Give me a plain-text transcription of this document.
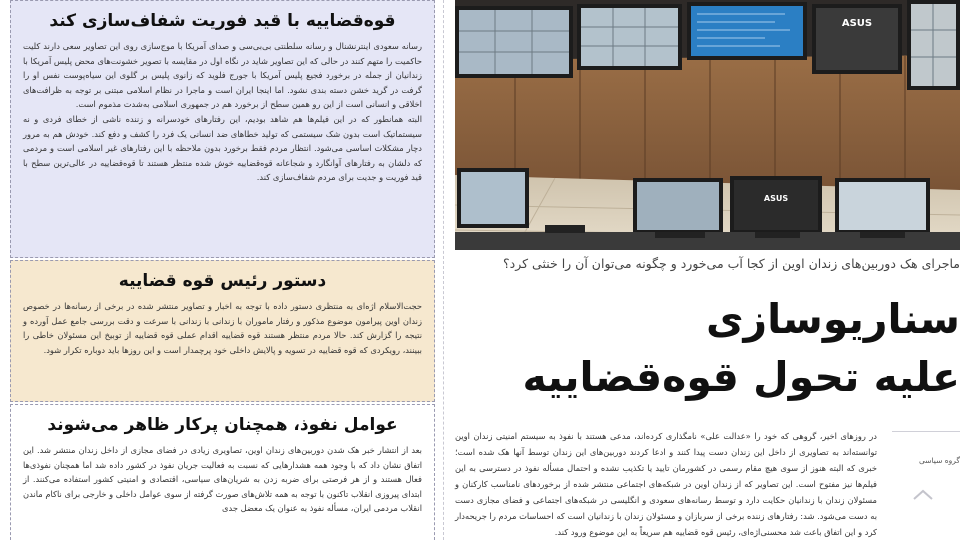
قوه‌قضاییه با قید فوریت شفاف‌سازی کند

رسانه سعودی اینترنشنال و رسانه سلطنتی بی‌بی‌سی و صدای آمریکا با موج‌سازی روی این تصاویر سعی دارند کلیت حاکمیت را متهم کنند در حالی که این تصاویر شاید در نگاه اول در مقایسه با تصویر خشونت‌های محض پلیس آمریکا با زندانیان از جمله در برخورد فجیع پلیس آمریکا با جورج فلوید که زانوی پلیس بر گلوی این سیاه‌پوست نفس او را گرفت در گرید خشن دسته بندی نشود. اما اینجا ایران است و ماجرا در نظام اسلامی مبتنی بر توجه به ظرافت‌های اخلاقی و انسانی است از این رو همین سطح از برخورد هم در جمهوری اسلامی به‌شدت مذموم است.

البته همانطور که در این فیلم‌ها هم شاهد بودیم، این رفتارهای خودسرانه و زننده ناشی از خطای فردی و نه سیستماتیک است بدون شک سیستمی که تولید خطاهای ضد انسانی یک فرد را کشف و دفع کند. خودش هم به مرور دچار مشکلات اساسی می‌شود. انتظار مردم فقط برخورد بدون ملاحظه با این رفتارهای غیر اسلامی است و مردمی که دلشان به رفتارهای آوانگارد و شجاعانه قوه‌قضاییه خوش شده منتظر هستند تا قوه‌قضاییه در عالی‌ترین سطح با قید فوریت و جدیت برای مردم شفاف‌سازی کند.

دستور رئیس قوه قضاییه

حجت‌الاسلام اژه‌ای به منتظری دستور داده با توجه به اخبار و تصاویر منتشر شده در برخی از رسانه‌ها در خصوص زندان اوین پیرامون موضوع مذکور و رفتار ماموران با زندانی با زندانی با سرعت و دقت بررسی جامع عمل آورده و نتیجه را گزارش کند. حالا مردم منتظر هستند قوه قضاییه اقدام عملی قوه قضاییه از توبیخ این مسئولان خاطی را ببینند، رویکردی که قوه قضاییه در تسویه و پالایش داخلی خود پرچمدار است و این روزها باید دوباره تکرار شود.

عوامل نفوذ، همچنان پرکار ظاهر می‌شوند

بعد از انتشار خبر هک شدن دوربین‌های زندان اوین، تصاویری زیادی در فضای مجازی از داخل زندان منتشر شد. این اتفاق نشان داد که با وجود همه هشدارهایی که نسبت به فعالیت جریان نفوذ در کشور داده شد اما همچنان نفوذی‌ها فعال هستند و از هر فرصتی برای ضربه زدن به شریان‌های سیاسی، اقتصادی و امنیتی کشور استفاده می‌کنند. از ابتدای پیروزی انقلاب تاکنون با توجه به همه تلاش‌های صورت گرفته از سوی عوامل داخلی و خارجی برای ناکام ماندن انقلاب مردمی ایران، مسأله نفوذ به عنوان یک معضل جدی

ASUS
ASUS
ماجرای هک دوربین‌های زندان اوین از کجا آب می‌خورد و چگونه می‌توان آن را خنثی کرد؟
سناریوسازی
علیه تحول قوه‌قضاییه
گروه سیاسی
در روزهای اخیر، گروهی که خود را «عدالت علی» نامگذاری کرده‌اند، مدعی هستند با نفوذ به سیستم امنیتی زندان اوین توانسته‌اند به تصاویری از داخل این زندان دست پیدا کنند و ادعا کردند دوربین‌های این زندان توسط آنها هک شده است؛ خبری که البته هنوز از سوی هیچ مقام رسمی در کشورمان تایید یا تکذیب نشده و احتمال مسأله نفوذ در دسترسی به این فیلم‌ها نیز مفتوح است. این تصاویر که از زندان اوین در شبکه‌های اجتماعی منتشر شده از برخوردهای نامناسب کارکنان و مسئولان زندان با زندانیان حکایت دارد و توسط رسانه‌های سعودی و انگلیسی در شبکه‌های اجتماعی و فضای مجازی دست به دست می‌شود. شد: رفتارهای زننده برخی از سربازان و مسئولان زندان با زندانیان است که احساسات مردم را جریحه‌دار کرد و این اتفاق باعث شد محسنی‌اژه‌ای، رئیس قوه قضاییه هم سریعاً به این موضوع ورود کند.
